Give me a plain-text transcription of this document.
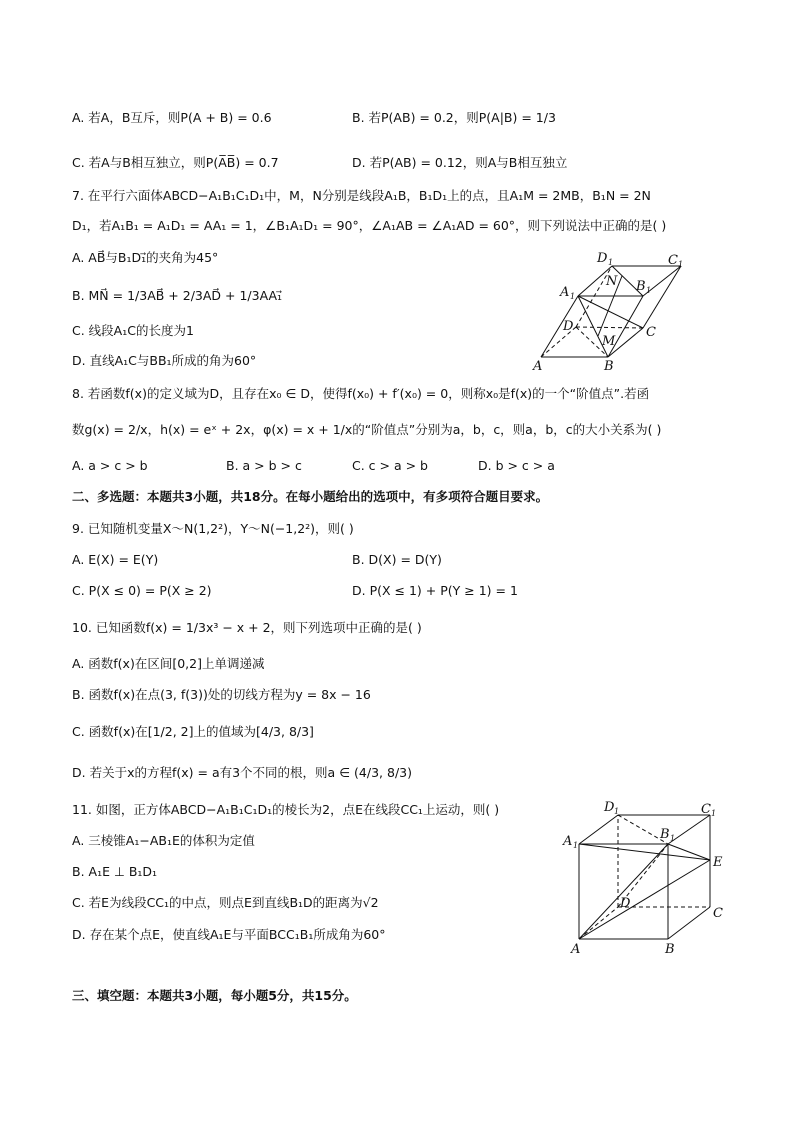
A. 若A，B互斥，则P(A + B) = 0.6	B. 若P(AB) = 0.2，则P(A|B) = 1/3
C. 若A与B相互独立，则P(A̅B̅) = 0.7	D. 若P(AB) = 0.12，则A与B相互独立
7. 在平行六面体ABCD−A₁B₁C₁D₁中，M，N分别是线段A₁B，B₁D₁上的点，且A₁M = 2MB，B₁N = 2N
D₁，若A₁B₁ = A₁D₁ = AA₁ = 1，∠B₁A₁D₁ = 90°，∠A₁AB = ∠A₁AD = 60°，则下列说法中正确的是( )
A. AB⃗与B₁D₁⃗的夹角为45°
B. MN⃗ = 1/3AB⃗ + 2/3AD⃗ + 1/3AA₁⃗
C. 线段A₁C的长度为1
D. 直线A₁C与BB₁所成的角为60°	A	B
C
D
A 1
B 1
C 1
D 1
M
N
8. 若函数f(x)的定义域为D，且存在x₀ ∈ D，使得f(x₀) + f′(x₀) = 0，则称x₀是f(x)的一个“阶值点”.若函
数g(x) = 2/x，h(x) = eˣ + 2x，φ(x) = x + 1/x的“阶值点”分别为a，b，c，则a，b，c的大小关系为( )
A. a > c > b	B. a > b > c	C. c > a > b	D. b > c > a
二、多选题：本题共3小题，共18分。在每小题给出的选项中，有多项符合题目要求。
9. 已知随机变量X～N(1,2²)，Y～N(−1,2²)，则( )
A. E(X) = E(Y)	B. D(X) = D(Y)
C. P(X ≤ 0) = P(X ≥ 2)	D. P(X ≤ 1) + P(Y ≥ 1) = 1
10. 已知函数f(x) = 1/3x³ − x + 2，则下列选项中正确的是( )
A. 函数f(x)在区间[0,2]上单调递减
B. 函数f(x)在点(3, f(3))处的切线方程为y = 8x − 16
C. 函数f(x)在[1/2, 2]上的值域为[4/3, 8/3]
D. 若关于x的方程f(x) = a有3个不同的根，则a ∈ (4/3, 8/3)
11. 如图，正方体ABCD−A₁B₁C₁D₁的棱长为2，点E在线段CC₁上运动，则( )
A. 三棱锥A₁−AB₁E的体积为定值
B. A₁E ⊥ B₁D₁
C. 若E为线段CC₁的中点，则点E到直线B₁D的距离为√2
D. 存在某个点E，使直线A₁E与平面BCC₁B₁所成角为60°
A	B
C
D
E
A 1
B 1
C 1
D 1
三、填空题：本题共3小题，每小题5分，共15分。
